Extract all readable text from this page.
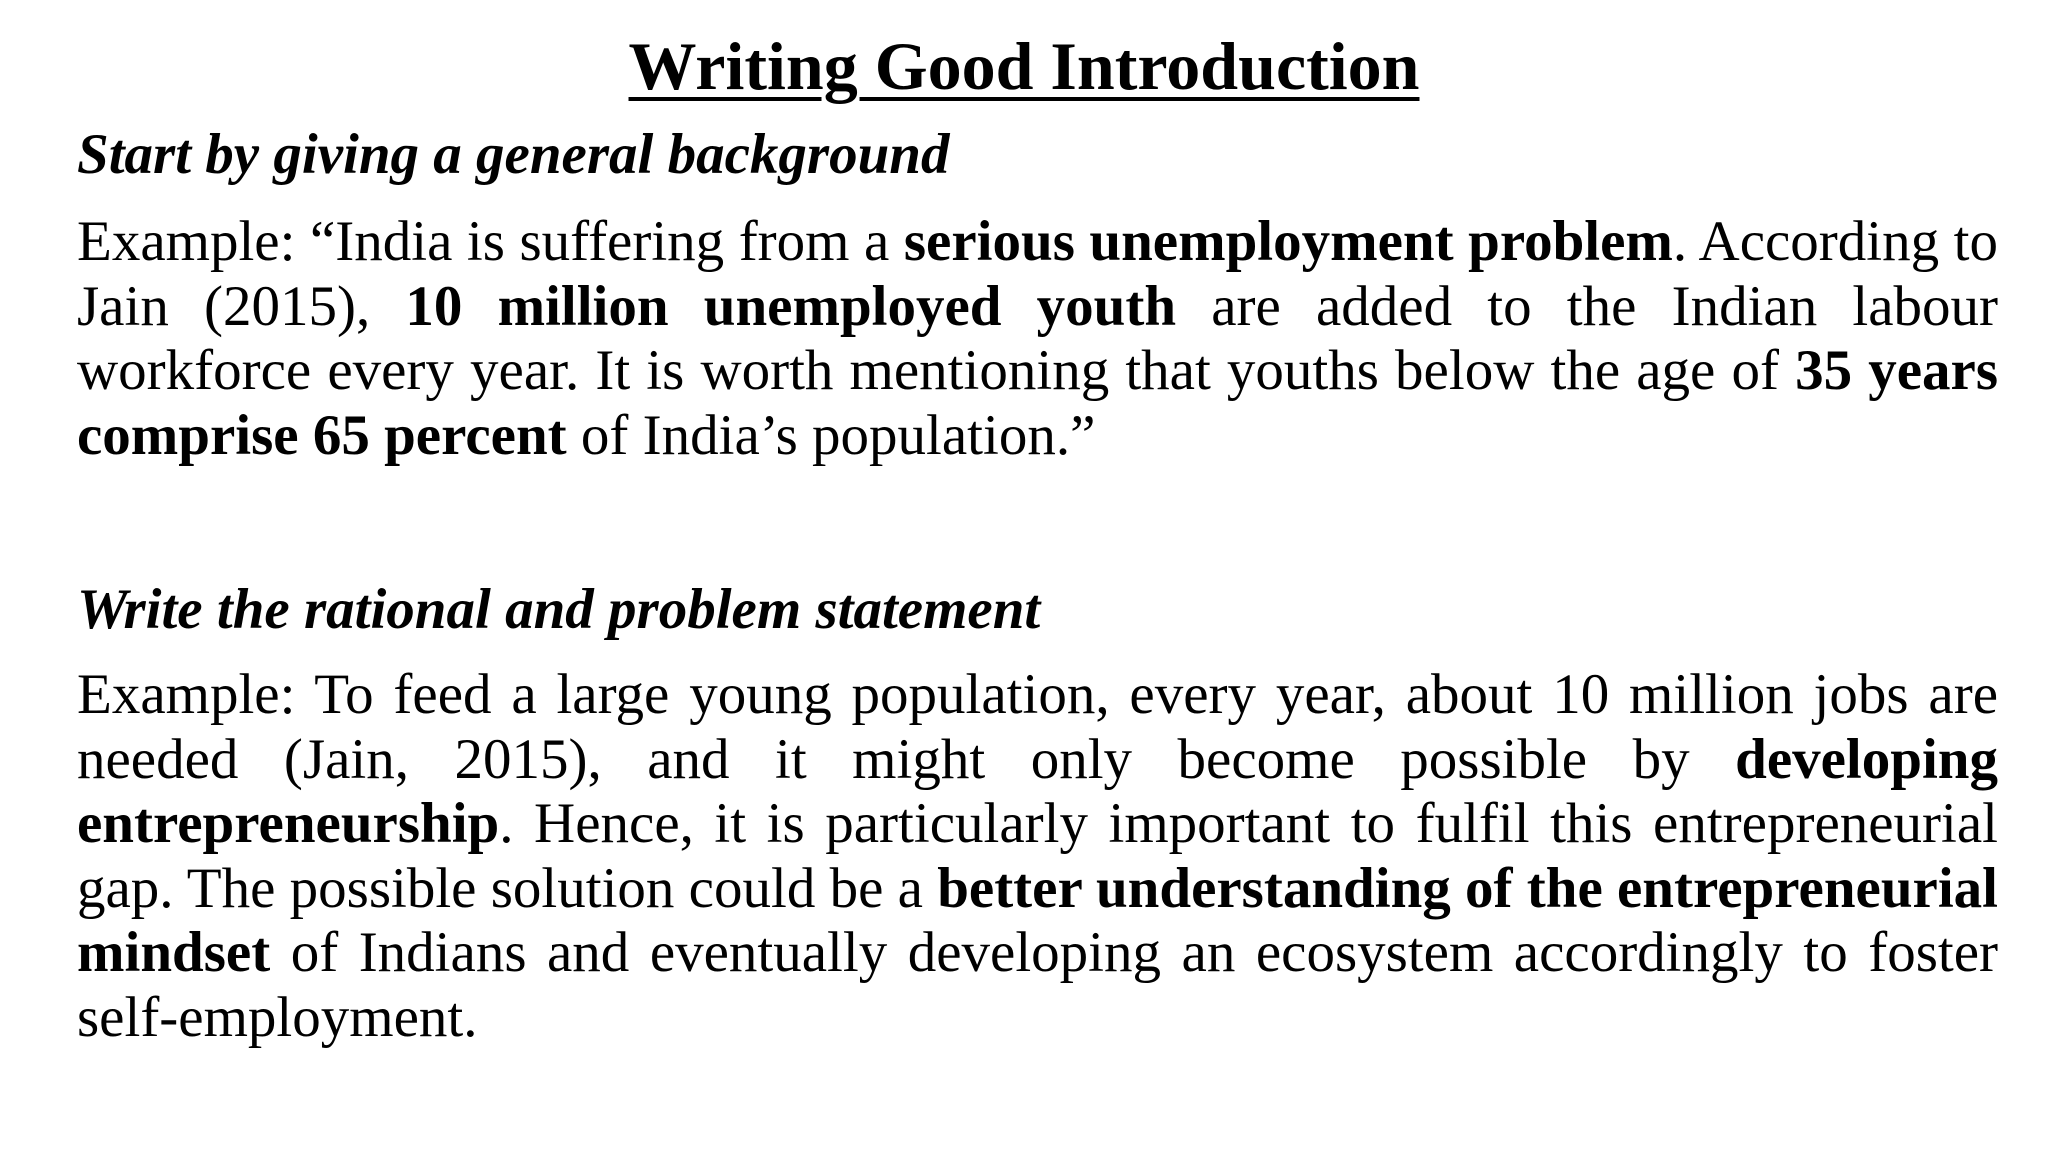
Writing Good Introduction
Start by giving a general background

Example: “India is suffering from a serious unemployment problem. According to Jain (2015), 10 million unemployed youth are added to the Indian labour workforce every year. It is worth mentioning that youths below the age of 35 years comprise 65 percent of India’s population.”

Write the rational and problem statement

Example: To feed a large young population, every year, about 10 million jobs are needed (Jain, 2015), and it might only become possible by developing entrepreneurship. Hence, it is particularly important to fulfil this entrepreneurial gap. The possible solution could be a better understanding of the entrepreneurial mindset of Indians and eventually developing an ecosystem accordingly to foster self-employment.
